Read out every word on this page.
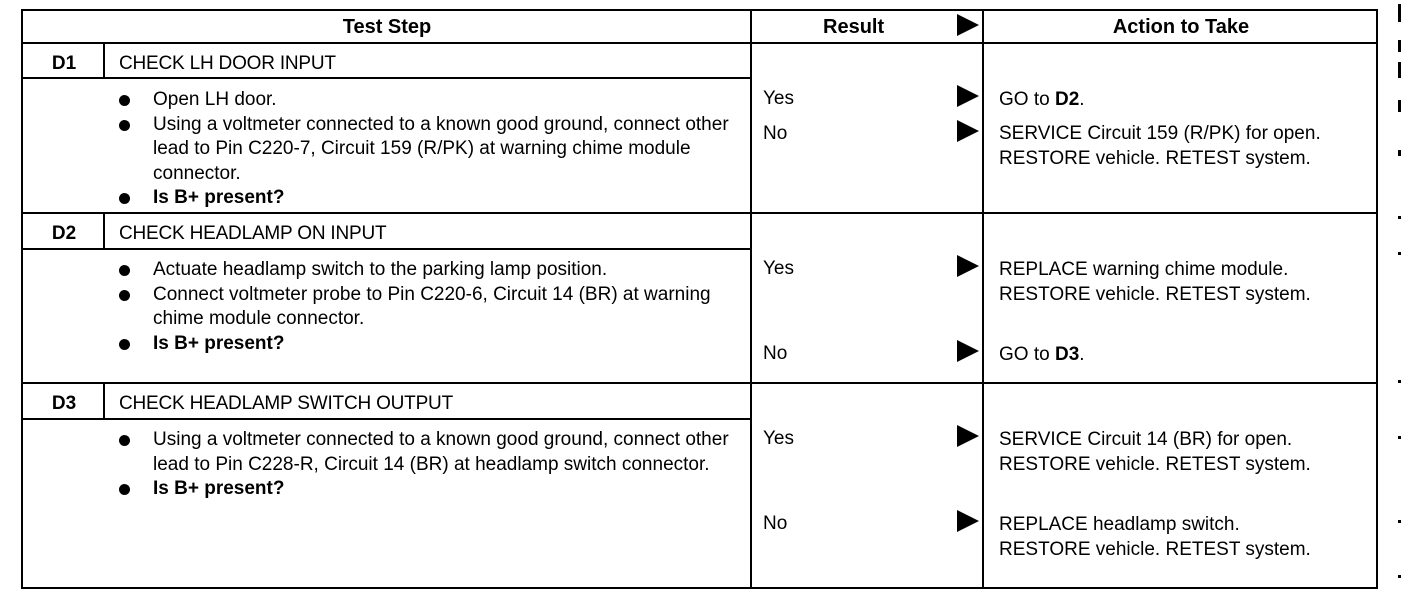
Test Step	Result	Action to Take
D1	CHECK LH DOOR INPUT
Open LH door.
Using a voltmeter connected to a known good ground, connect other lead to Pin C220-7, Circuit 159 (R/PK) at warning chime module connector.
Is B+ present?
Yes	GO to D2.
No	SERVICE Circuit 159 (R/PK) for open. RESTORE vehicle. RETEST system.
D2	CHECK HEADLAMP ON INPUT
Actuate headlamp switch to the parking lamp position.
Connect voltmeter probe to Pin C220-6, Circuit 14 (BR) at warning chime module connector.
Is B+ present?
Yes	REPLACE warning chime module. RESTORE vehicle. RETEST system.
No	GO to D3.
D3	CHECK HEADLAMP SWITCH OUTPUT
Using a voltmeter connected to a known good ground, connect other lead to Pin C228-R, Circuit 14 (BR) at headlamp switch connector.
Is B+ present?
Yes	SERVICE Circuit 14 (BR) for open. RESTORE vehicle. RETEST system.
No	REPLACE headlamp switch. RESTORE vehicle. RETEST system.
